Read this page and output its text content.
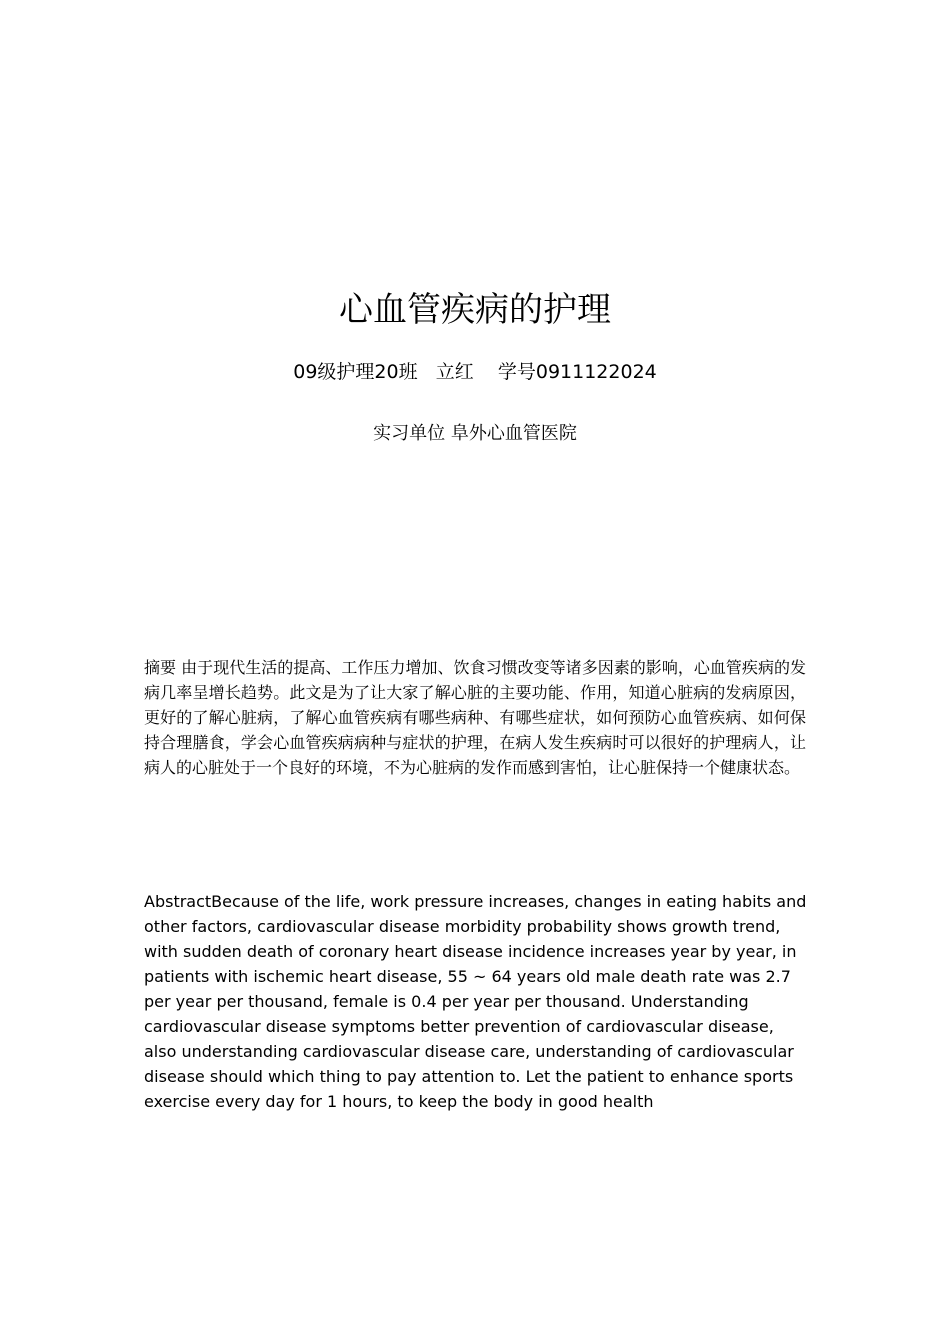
心血管疾病的护理
09级护理20班   立红    学号0911122024
实习单位 阜外心血管医院
摘要 由于现代生活的提高、工作压力增加、饮食习惯改变等诸多因素的影响，心血管疾病的发病几率呈增长趋势。此文是为了让大家了解心脏的主要功能、作用，知道心脏病的发病原因，更好的了解心脏病，了解心血管疾病有哪些病种、有哪些症状，如何预防心血管疾病、如何保持合理膳食，学会心血管疾病病种与症状的护理，在病人发生疾病时可以很好的护理病人，让病人的心脏处于一个良好的环境，不为心脏病的发作而感到害怕，让心脏保持一个健康状态。
AbstractBecause of the life, work pressure increases, changes in eating habits and other factors, cardiovascular disease morbidity probability shows growth trend, with sudden death of coronary heart disease incidence increases year by year, in patients with ischemic heart disease, 55 ~ 64 years old male death rate was 2.7 per year per thousand, female is 0.4 per year per thousand. Understanding cardiovascular disease symptoms better prevention of cardiovascular disease, also understanding cardiovascular disease care, understanding of cardiovascular disease should which thing to pay attention to. Let the patient to enhance sports exercise every day for 1 hours, to keep the body in good health
